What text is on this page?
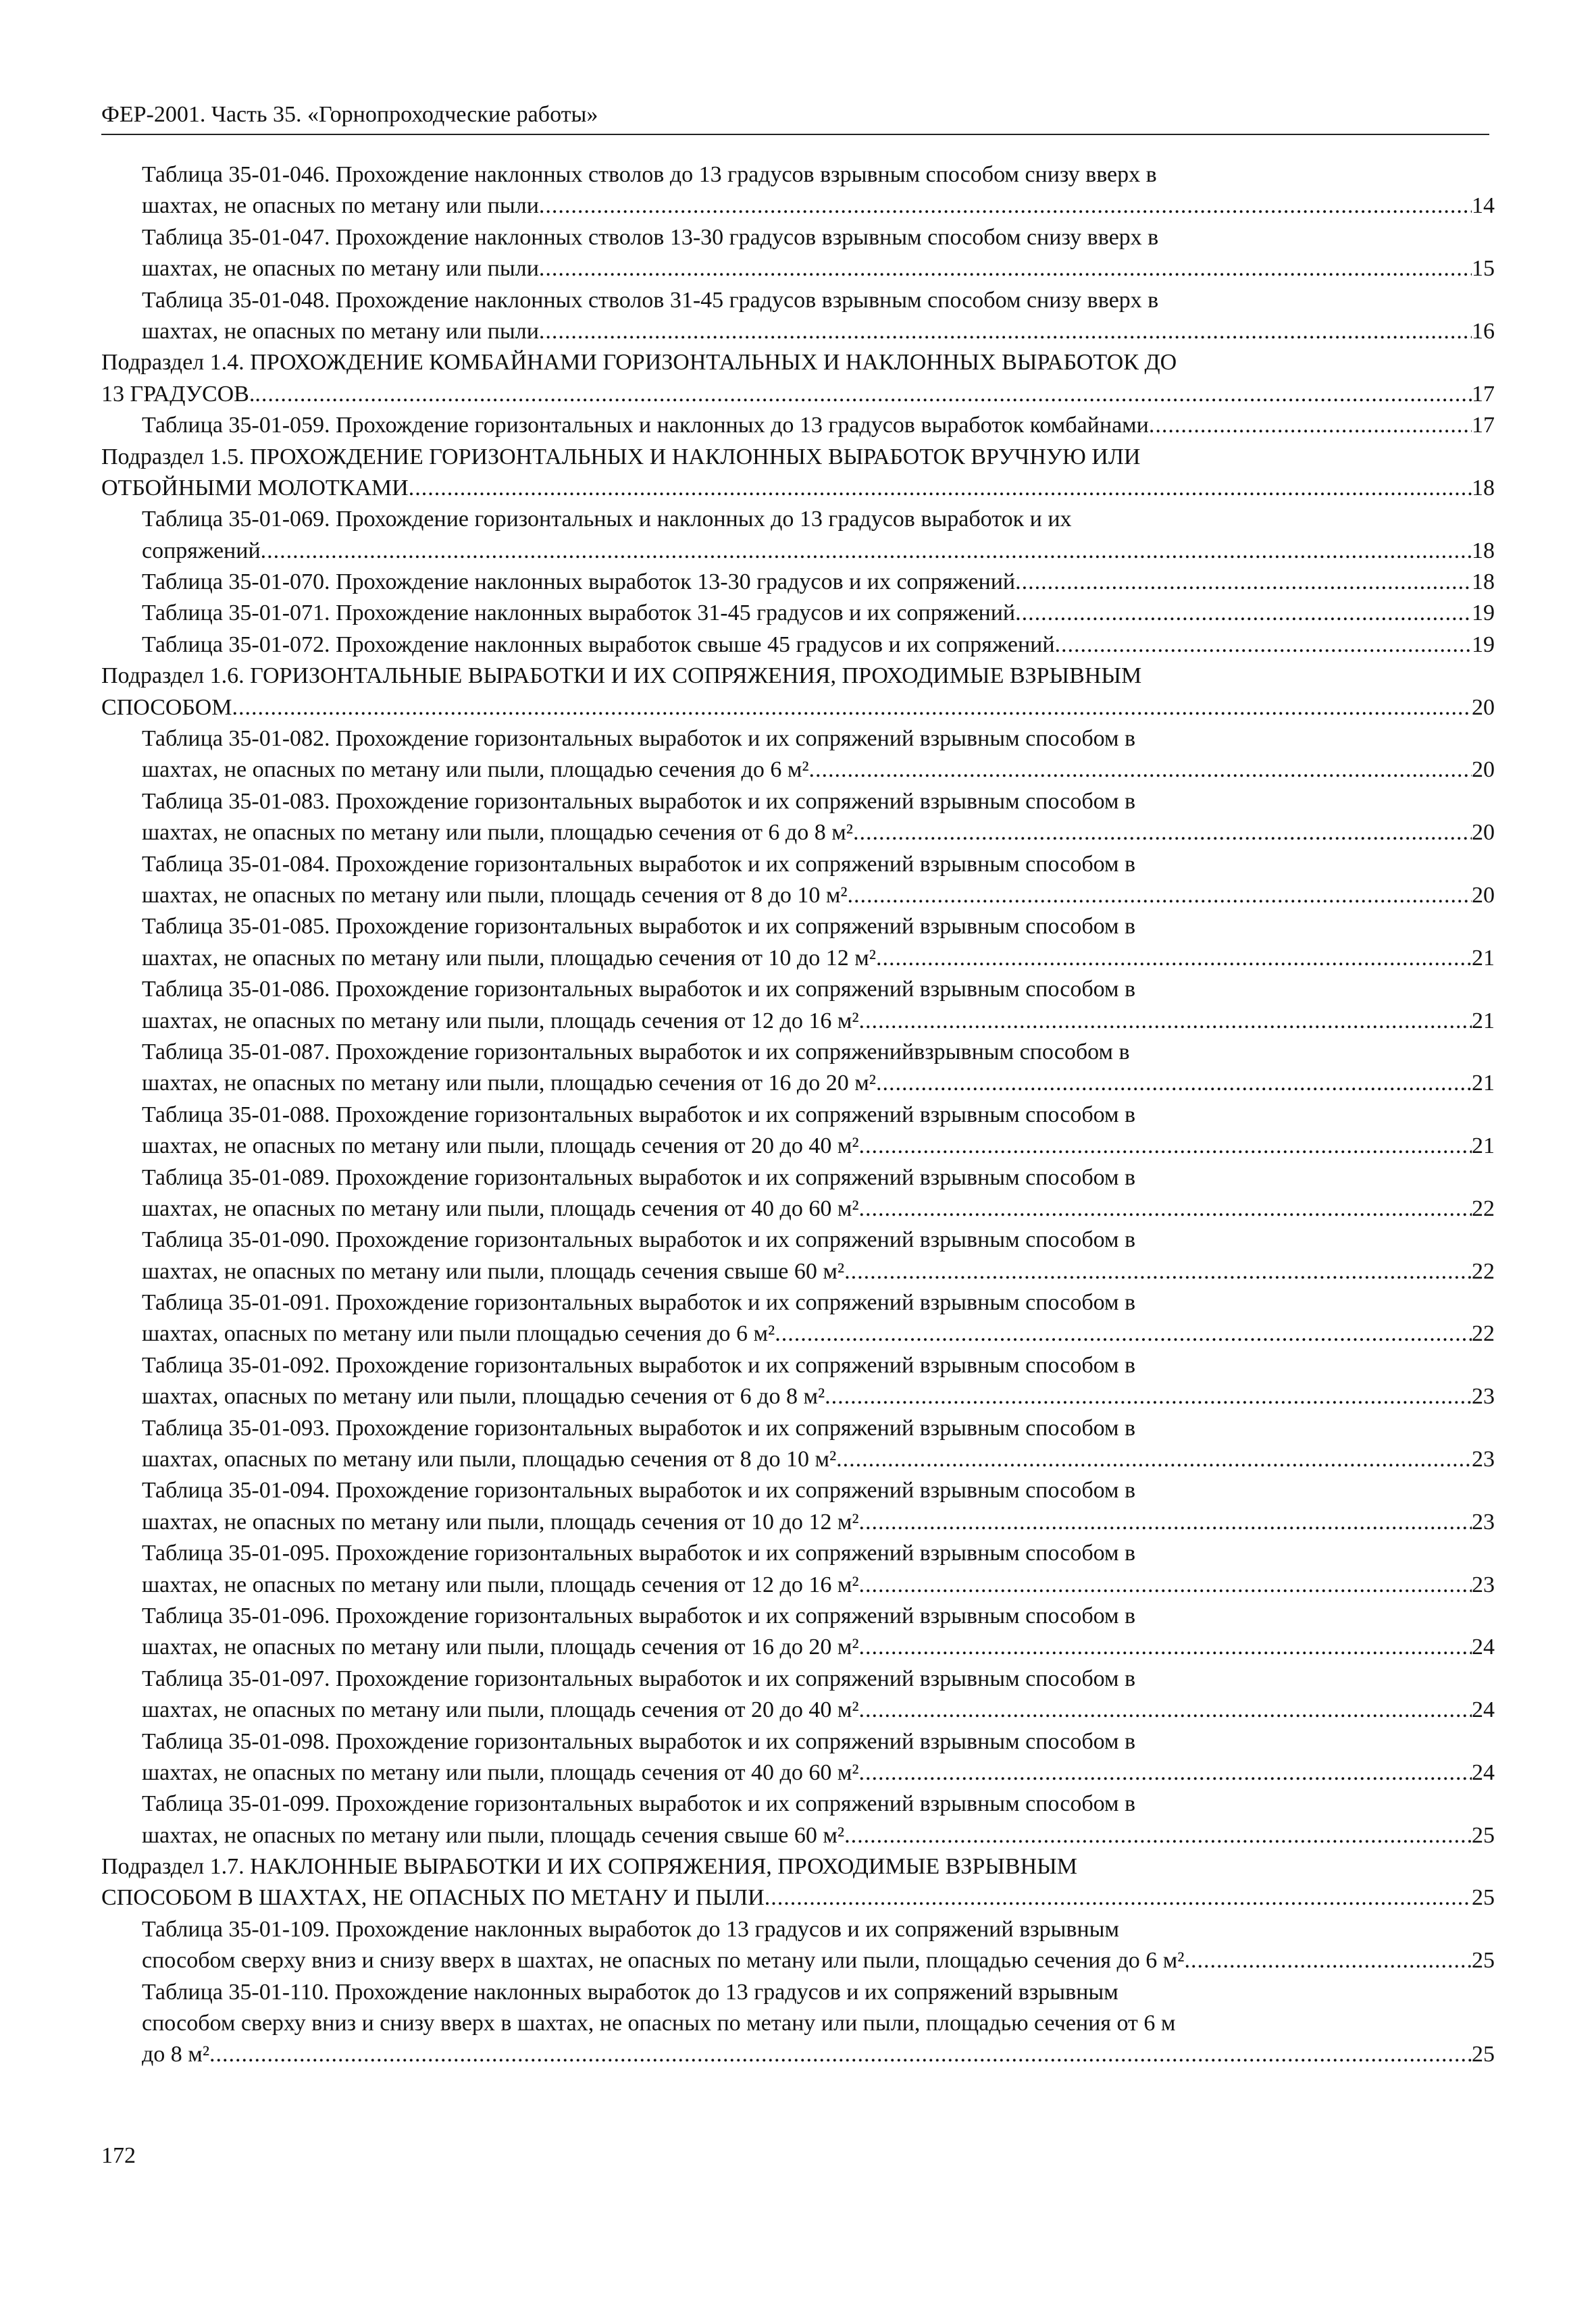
ФЕР-2001. Часть 35. «Горнопроходческие работы»
Таблица 35-01-046. Прохождение наклонных стволов до 13 градусов взрывным способом снизу вверх в
шахтах, не опасных по метану или пыли .....	14
Таблица 35-01-047. Прохождение наклонных стволов 13-30 градусов взрывным способом снизу вверх в
шахтах, не опасных по метану или пыли .....	15
Таблица 35-01-048. Прохождение наклонных стволов 31-45 градусов взрывным способом снизу вверх в
шахтах, не опасных по метану или пыли .....	16
Подраздел 1.4. ПРОХОЖДЕНИЕ КОМБАЙНАМИ ГОРИЗОНТАЛЬНЫХ И НАКЛОННЫХ ВЫРАБОТОК ДО
13 ГРАДУСОВ. .....	17
Таблица 35-01-059. Прохождение горизонтальных и наклонных до 13 градусов выработок комбайнами .....	17
Подраздел 1.5. ПРОХОЖДЕНИЕ ГОРИЗОНТАЛЬНЫХ И НАКЛОННЫХ ВЫРАБОТОК ВРУЧНУЮ ИЛИ
ОТБОЙНЫМИ МОЛОТКАМИ .....	18
Таблица 35-01-069. Прохождение горизонтальных и наклонных до 13 градусов выработок и их
сопряжений .....	18
Таблица 35-01-070. Прохождение наклонных выработок 13-30 градусов и их сопряжений .....	18
Таблица 35-01-071. Прохождение наклонных выработок 31-45 градусов и их сопряжений .....	19
Таблица 35-01-072. Прохождение наклонных выработок свыше 45 градусов и их сопряжений .....	19
Подраздел 1.6. ГОРИЗОНТАЛЬНЫЕ ВЫРАБОТКИ И ИХ СОПРЯЖЕНИЯ, ПРОХОДИМЫЕ ВЗРЫВНЫМ
СПОСОБОМ .....	20
Таблица 35-01-082. Прохождение горизонтальных выработок и их сопряжений взрывным способом в
шахтах, не опасных по метану или пыли, площадью сечения до 6 м² .....	20
Таблица 35-01-083. Прохождение горизонтальных выработок и их сопряжений взрывным способом в
шахтах, не опасных по метану или пыли, площадью сечения от 6 до 8 м² .....	20
Таблица 35-01-084. Прохождение горизонтальных выработок и их сопряжений взрывным способом в
шахтах, не опасных по метану или пыли, площадь сечения от 8 до 10 м² .....	20
Таблица 35-01-085. Прохождение горизонтальных выработок и их сопряжений взрывным способом в
шахтах, не опасных по метану или пыли, площадью сечения от 10 до 12 м² .....	21
Таблица 35-01-086. Прохождение горизонтальных выработок и их сопряжений взрывным способом в
шахтах, не опасных по метану или пыли, площадь сечения от 12 до 16 м² .....	21
Таблица 35-01-087. Прохождение горизонтальных выработок и их сопряженийвзрывным способом в
шахтах, не опасных по метану или пыли, площадью сечения от 16 до 20 м² .....	21
Таблица 35-01-088. Прохождение горизонтальных выработок и их сопряжений взрывным способом в
шахтах, не опасных по метану или пыли, площадь сечения от 20 до 40 м² .....	21
Таблица 35-01-089. Прохождение горизонтальных выработок и их сопряжений взрывным способом в
шахтах, не опасных по метану или пыли, площадь сечения от 40 до 60 м² .....	22
Таблица 35-01-090. Прохождение горизонтальных выработок и их сопряжений взрывным способом в
шахтах, не опасных по метану или пыли, площадь сечения свыше 60 м² .....	22
Таблица 35-01-091. Прохождение горизонтальных выработок и их сопряжений взрывным способом в
шахтах, опасных по метану или пыли площадью сечения до 6 м² .....	22
Таблица 35-01-092. Прохождение горизонтальных выработок и их сопряжений взрывным способом в
шахтах, опасных по метану или пыли, площадью сечения от 6 до 8 м² .....	23
Таблица 35-01-093. Прохождение горизонтальных выработок и их сопряжений взрывным способом в
шахтах, опасных по метану или пыли, площадью сечения от 8 до 10 м² .....	23
Таблица 35-01-094. Прохождение горизонтальных выработок и их сопряжений взрывным способом в
шахтах, не опасных по метану или пыли, площадь сечения от 10 до 12 м² .....	23
Таблица 35-01-095. Прохождение горизонтальных выработок и их сопряжений взрывным способом в
шахтах, не опасных по метану или пыли, площадь сечения от 12 до 16 м² .....	23
Таблица 35-01-096. Прохождение горизонтальных выработок и их сопряжений взрывным способом в
шахтах, не опасных по метану или пыли, площадь сечения от 16 до 20 м² .....	24
Таблица 35-01-097. Прохождение горизонтальных выработок и их сопряжений взрывным способом в
шахтах, не опасных по метану или пыли, площадь сечения от 20 до 40 м² .....	24
Таблица 35-01-098. Прохождение горизонтальных выработок и их сопряжений взрывным способом в
шахтах, не опасных по метану или пыли, площадь сечения от 40 до 60 м² .....	24
Таблица 35-01-099. Прохождение горизонтальных выработок и их сопряжений взрывным способом в
шахтах, не опасных по метану или пыли, площадь сечения свыше 60 м² .....	25
Подраздел 1.7. НАКЛОННЫЕ ВЫРАБОТКИ И ИХ СОПРЯЖЕНИЯ, ПРОХОДИМЫЕ ВЗРЫВНЫМ
СПОСОБОМ В ШАХТАХ, НЕ ОПАСНЫХ ПО МЕТАНУ И ПЫЛИ .....	25
Таблица 35-01-109. Прохождение наклонных выработок до 13 градусов и их сопряжений взрывным
способом сверху вниз и снизу вверх в шахтах, не опасных по метану или пыли, площадью сечения до 6 м² .....	25
Таблица 35-01-110. Прохождение наклонных выработок до 13 градусов и их сопряжений взрывным
способом сверху вниз и снизу вверх в шахтах, не опасных по метану или пыли, площадью сечения от 6 м
до 8 м² .....	25
172
